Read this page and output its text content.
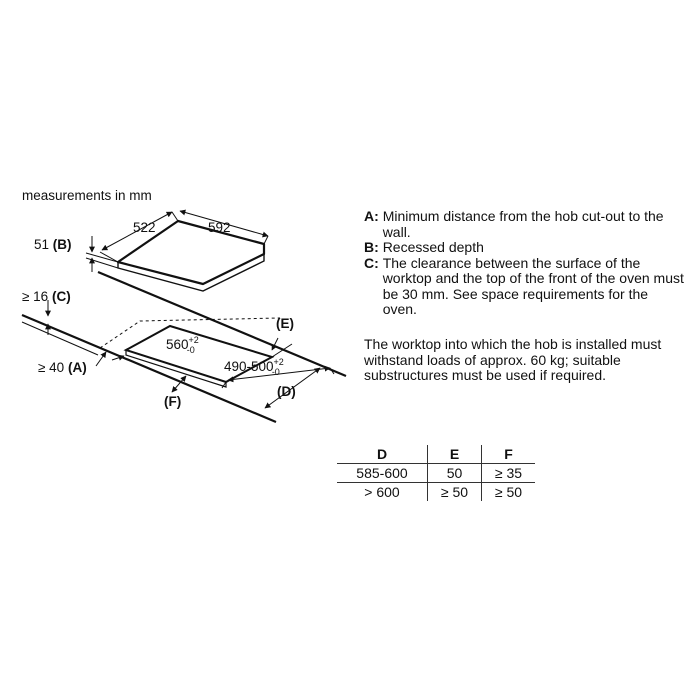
measurements in mm
522	592
51 (B)
≥ 16 (C)
$560^{+2}$ -0
$490-500^{+2}$ -0
(E)
(D)
≥ 40 (A)
(F)
A: Minimum distance from the hob cut-out to the wall.
B: Recessed depth
C: The clearance between the surface of the worktop and the top of the front of the oven must be 30 mm. See space requirements for the oven.
The worktop into which the hob is installed must withstand loads of approx. 60 kg; suitable substructures must be used if required.
D	E	F
585-600	50	≥ 35
> 600	≥ 50	≥ 50
